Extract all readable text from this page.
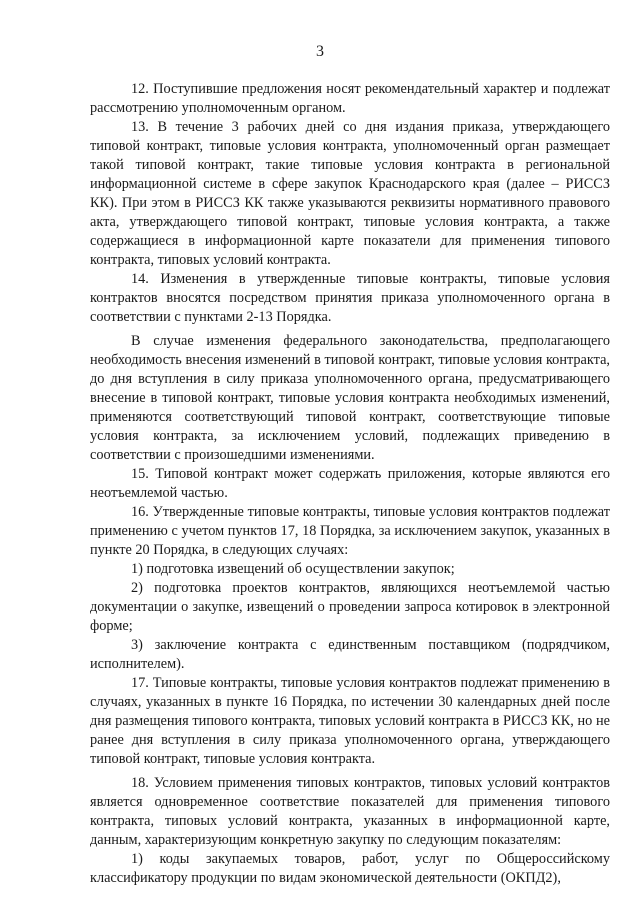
3

12. Поступившие предложения носят рекомендательный характер и подлежат рассмотрению уполномоченным органом.

13. В течение 3 рабочих дней со дня издания приказа, утверждающего типовой контракт, типовые условия контракта, уполномоченный орган размещает такой типовой контракт, такие типовые условия контракта в региональной информационной системе в сфере закупок Краснодарского края (далее – РИССЗ КК). При этом в РИССЗ КК также указываются реквизиты нормативного правового акта, утверждающего типовой контракт, типовые условия контракта, а также содержащиеся в информационной карте показатели для применения типового контракта, типовых условий контракта.

14. Изменения в утвержденные типовые контракты, типовые условия контрактов вносятся посредством принятия приказа уполномоченного органа в соответствии с пунктами 2-13 Порядка.

В случае изменения федерального законодательства, предполагающего необходимость внесения изменений в типовой контракт, типовые условия контракта, до дня вступления в силу приказа уполномоченного органа, предусматривающего внесение в типовой контракт, типовые условия контракта необходимых изменений, применяются соответствующий типовой контракт, соответствующие типовые условия контракта, за исключением условий, подлежащих приведению в соответствии с произошедшими изменениями.

15. Типовой контракт может содержать приложения, которые являются его неотъемлемой частью.

16. Утвержденные типовые контракты, типовые условия контрактов подлежат применению с учетом пунктов 17, 18 Порядка, за исключением закупок, указанных в пункте 20 Порядка, в следующих случаях:

1) подготовка извещений об осуществлении закупок;

2) подготовка проектов контрактов, являющихся неотъемлемой частью документации о закупке, извещений о проведении запроса котировок в электронной форме;

3) заключение контракта с единственным поставщиком (подрядчиком, исполнителем).

17. Типовые контракты, типовые условия контрактов подлежат применению в случаях, указанных в пункте 16 Порядка, по истечении 30 календарных дней после дня размещения типового контракта, типовых условий контракта в РИССЗ КК, но не ранее дня вступления в силу приказа уполномоченного органа, утверждающего типовой контракт, типовые условия контракта.

18. Условием применения типовых контрактов, типовых условий контрактов является одновременное соответствие показателей для применения типового контракта, типовых условий контракта, указанных в информационной карте, данным, характеризующим конкретную закупку по следующим показателям:

1) коды закупаемых товаров, работ, услуг по Общероссийскому классификатору продукции по видам экономической деятельности (ОКПД2),
